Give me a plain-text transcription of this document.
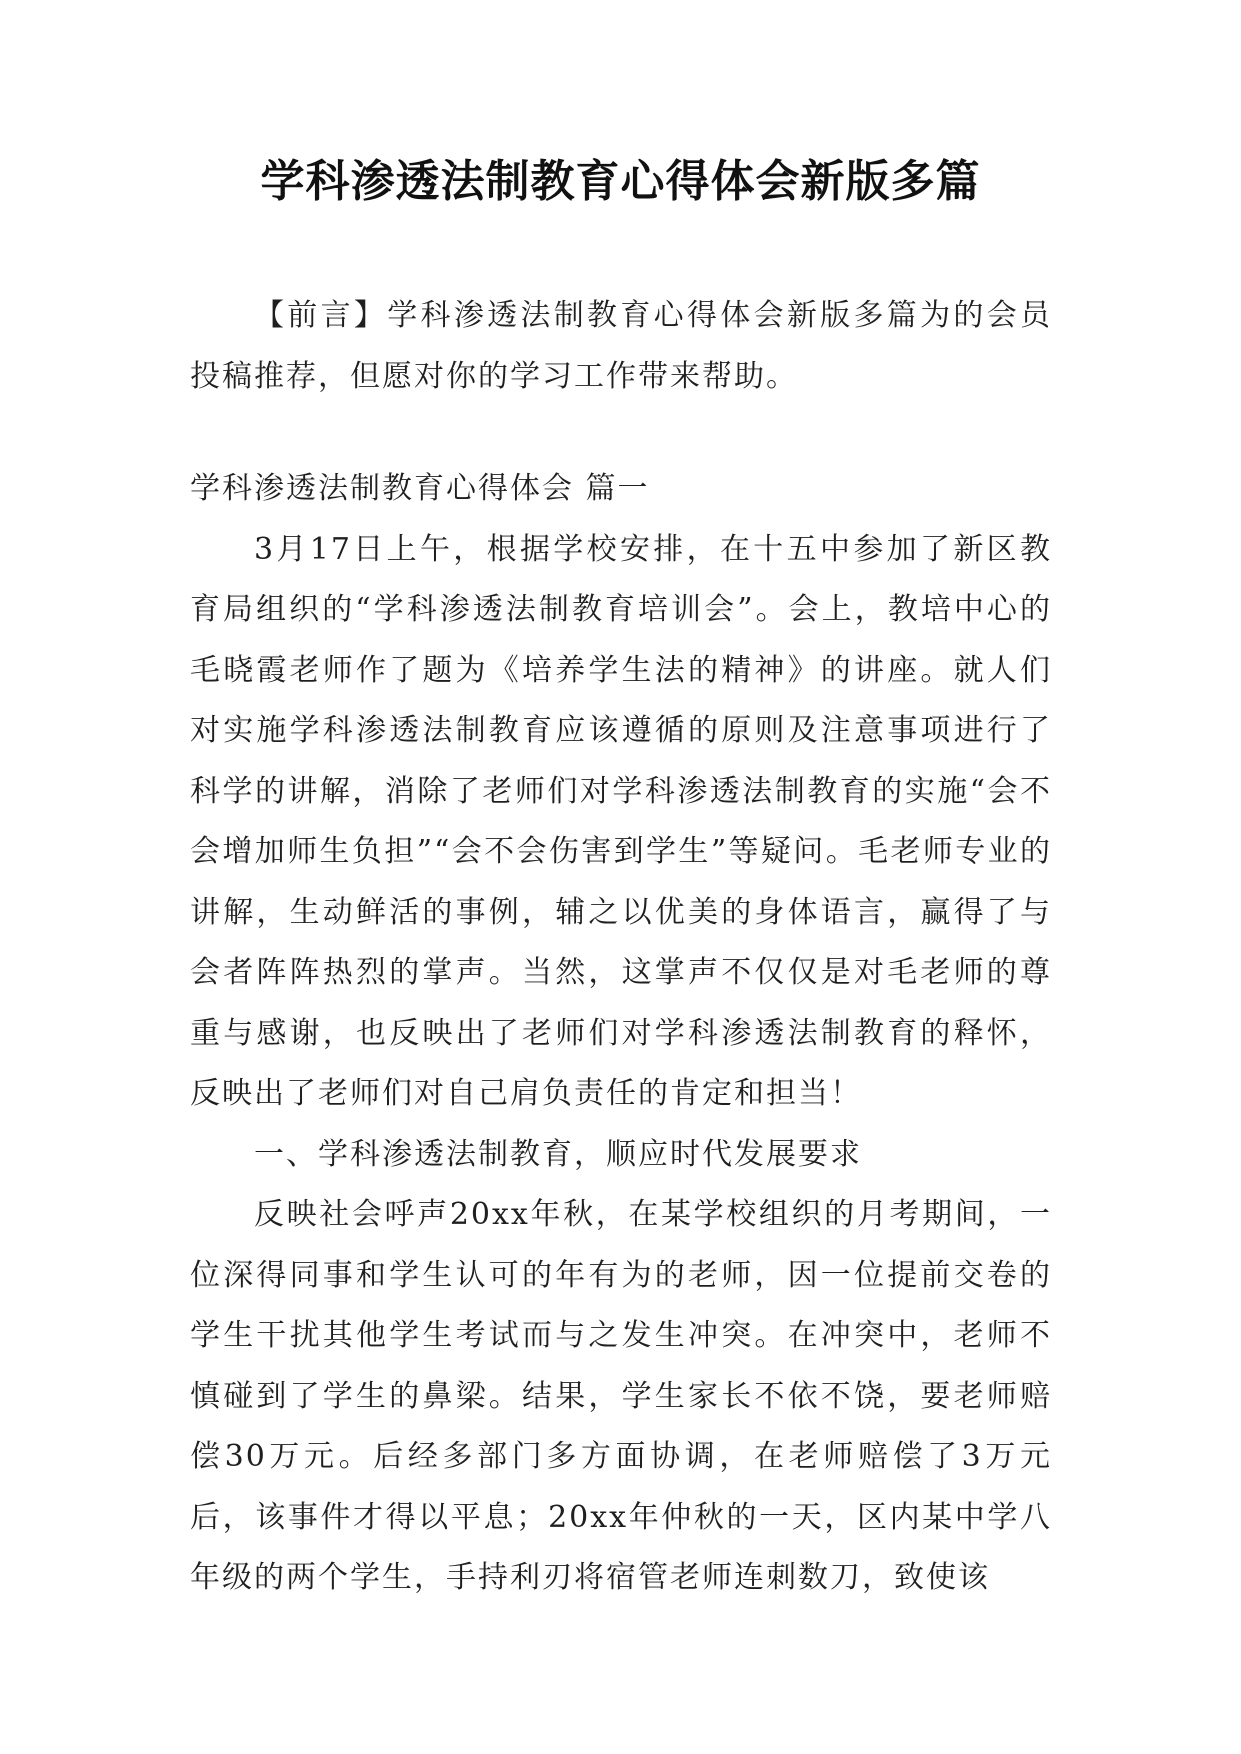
学科渗透法制教育心得体会新版多篇

【前言】学科渗透法制教育心得体会新版多篇为的会员投稿推荐，但愿对你的学习工作带来帮助。

学科渗透法制教育心得体会 篇一

3月17日上午，根据学校安排，在十五中参加了新区教育局组织的“学科渗透法制教育培训会”。会上，教培中心的毛晓霞老师作了题为《培养学生法的精神》的讲座。就人们对实施学科渗透法制教育应该遵循的原则及注意事项进行了科学的讲解，消除了老师们对学科渗透法制教育的实施“会不会增加师生负担”“会不会伤害到学生”等疑问。毛老师专业的讲解，生动鲜活的事例，辅之以优美的身体语言，赢得了与会者阵阵热烈的掌声。当然，这掌声不仅仅是对毛老师的尊重与感谢，也反映出了老师们对学科渗透法制教育的释怀，反映出了老师们对自己肩负责任的肯定和担当！

一、学科渗透法制教育，顺应时代发展要求

反映社会呼声20xx年秋，在某学校组织的月考期间，一位深得同事和学生认可的年有为的老师，因一位提前交卷的学生干扰其他学生考试而与之发生冲突。在冲突中，老师不慎碰到了学生的鼻梁。结果，学生家长不依不饶，要老师赔偿30万元。后经多部门多方面协调，在老师赔偿了3万元后，该事件才得以平息；20xx年仲秋的一天，区内某中学八年级的两个学生，手持利刃将宿管老师连刺数刀，致使该
